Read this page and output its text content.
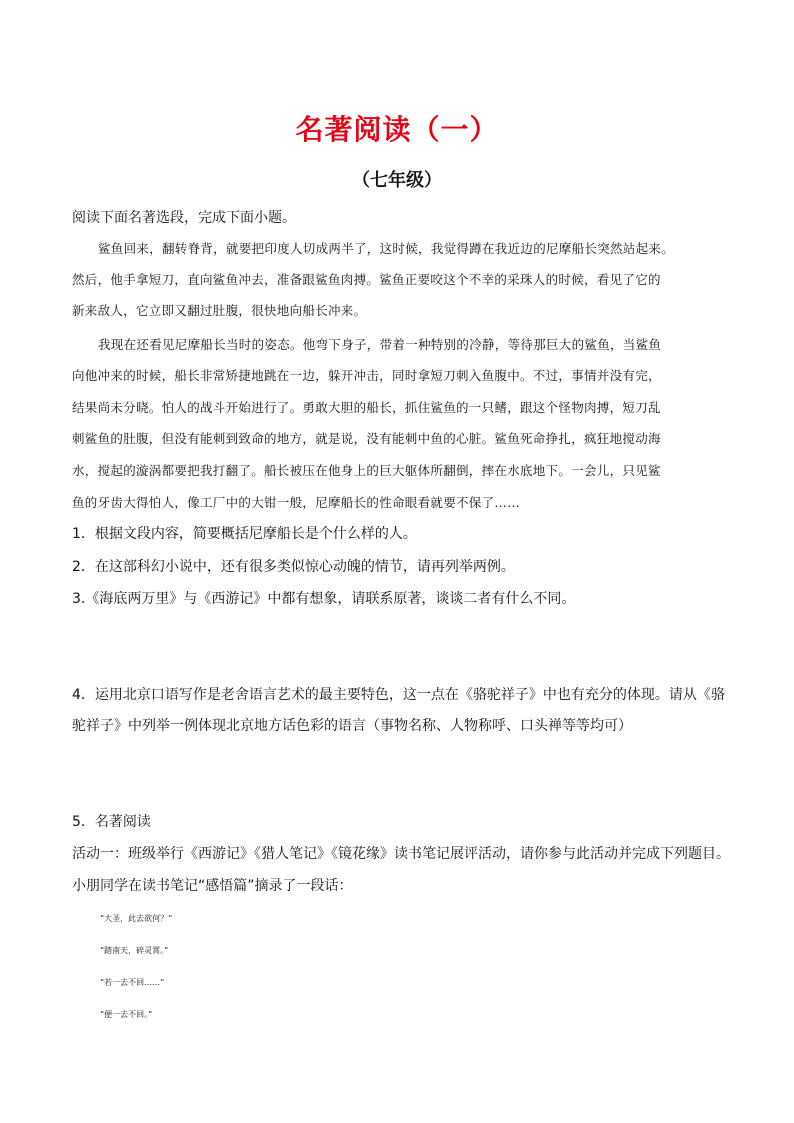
名著阅读（一）
（七年级）
阅读下面名著选段，完成下面小题。
鲨鱼回来，翻转脊背，就要把印度人切成两半了，这时候，我觉得蹲在我近边的尼摩船长突然站起来。
然后，他手拿短刀，直向鲨鱼冲去，准备跟鲨鱼肉搏。鲨鱼正要咬这个不幸的采珠人的时候，看见了它的
新来敌人，它立即又翻过肚腹，很快地向船长冲来。
我现在还看见尼摩船长当时的姿态。他弯下身子，带着一种特别的冷静，等待那巨大的鲨鱼，当鲨鱼
向他冲来的时候，船长非常矫捷地跳在一边，躲开冲击，同时拿短刀刺入鱼腹中。不过，事情并没有完，
结果尚未分晓。怕人的战斗开始进行了。勇敢大胆的船长，抓住鲨鱼的一只鳍，跟这个怪物肉搏，短刀乱
刺鲨鱼的肚腹，但没有能刺到致命的地方，就是说，没有能刺中鱼的心脏。鲨鱼死命挣扎，疯狂地搅动海
水，搅起的漩涡都要把我打翻了。船长被压在他身上的巨大躯体所翻倒，摔在水底地下。一会儿，只见鲨
鱼的牙齿大得怕人，像工厂中的大钳一般，尼摩船长的性命眼看就要不保了……
1．根据文段内容，简要概括尼摩船长是个什么样的人。
2．在这部科幻小说中，还有很多类似惊心动魄的情节，请再列举两例。
3.《海底两万里》与《西游记》中都有想象，请联系原著，谈谈二者有什么不同。
4．运用北京口语写作是老舍语言艺术的最主要特色，这一点在《骆驼祥子》中也有充分的体现。请从《骆
驼祥子》中列举一例体现北京地方话色彩的语言（事物名称、人物称呼、口头禅等等均可）
5．名著阅读
活动一：班级举行《西游记》《猎人笔记》《镜花缘》读书笔记展评活动，请你参与此活动并完成下列题目。
小朋同学在读书笔记“感悟篇”摘录了一段话：
“大圣，此去欲何？”
“踏南天，碎灵霄。”
“若一去不回……”
“便一去不回。”
